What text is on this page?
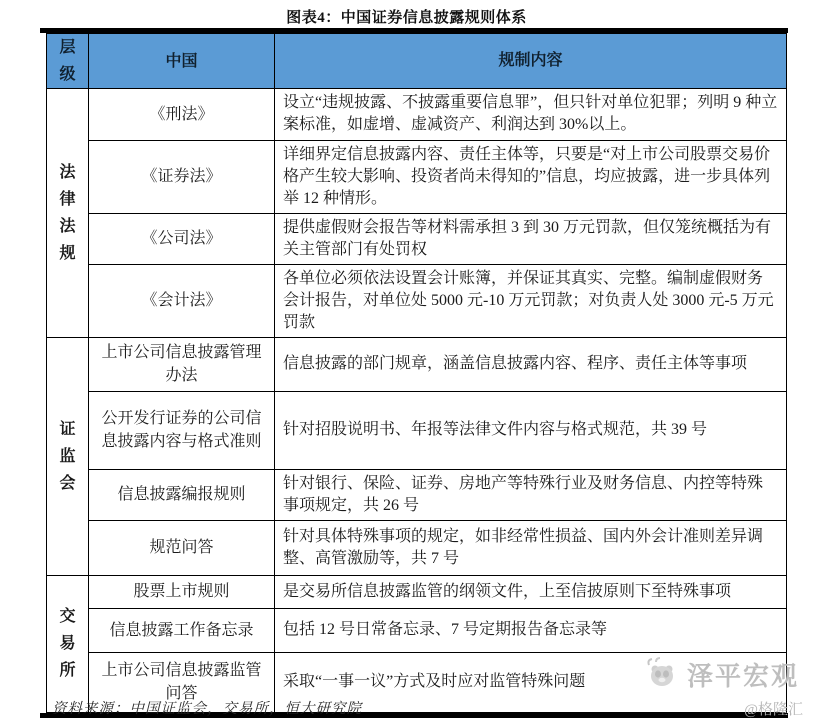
图表4：中国证券信息披露规则体系
层级	中国	规制内容

法律法规	《刑法》	设立“违规披露、不披露重要信息罪”，但只针对单位犯罪；列明 9 种立案标准，如虚增、虚减资产、利润达到 30%以上。
	《证券法》	详细界定信息披露内容、责任主体等，只要是“对上市公司股票交易价格产生较大影响、投资者尚未得知的”信息，均应披露，进一步具体列举 12 种情形。
	《公司法》	提供虚假财会报告等材料需承担 3 到 30 万元罚款，但仅笼统概括为有关主管部门有处罚权
	《会计法》	各单位必须依法设置会计账簿，并保证其真实、完整。编制虚假财务会计报告，对单位处 5000 元-10 万元罚款；对负责人处 3000 元-5 万元罚款

证监会	上市公司信息披露管理办法	信息披露的部门规章，涵盖信息披露内容、程序、责任主体等事项
	公开发行证券的公司信息披露内容与格式准则	针对招股说明书、年报等法律文件内容与格式规范，共 39 号
	信息披露编报规则	针对银行、保险、证券、房地产等特殊行业及财务信息、内控等特殊事项规定，共 26 号
	规范问答	针对具体特殊事项的规定，如非经常性损益、国内外会计准则差异调整、高管激励等，共 7 号

交易所	股票上市规则	是交易所信息披露监管的纲领文件，上至信披原则下至特殊事项
	信息披露工作备忘录	包括 12 号日常备忘录、7 号定期报告备忘录等
	上市公司信息披露监管问答	采取“一事一议”方式及时应对监管特殊问题
资料来源：中国证监会，交易所，恒大研究院
泽平宏观
@格隆汇
